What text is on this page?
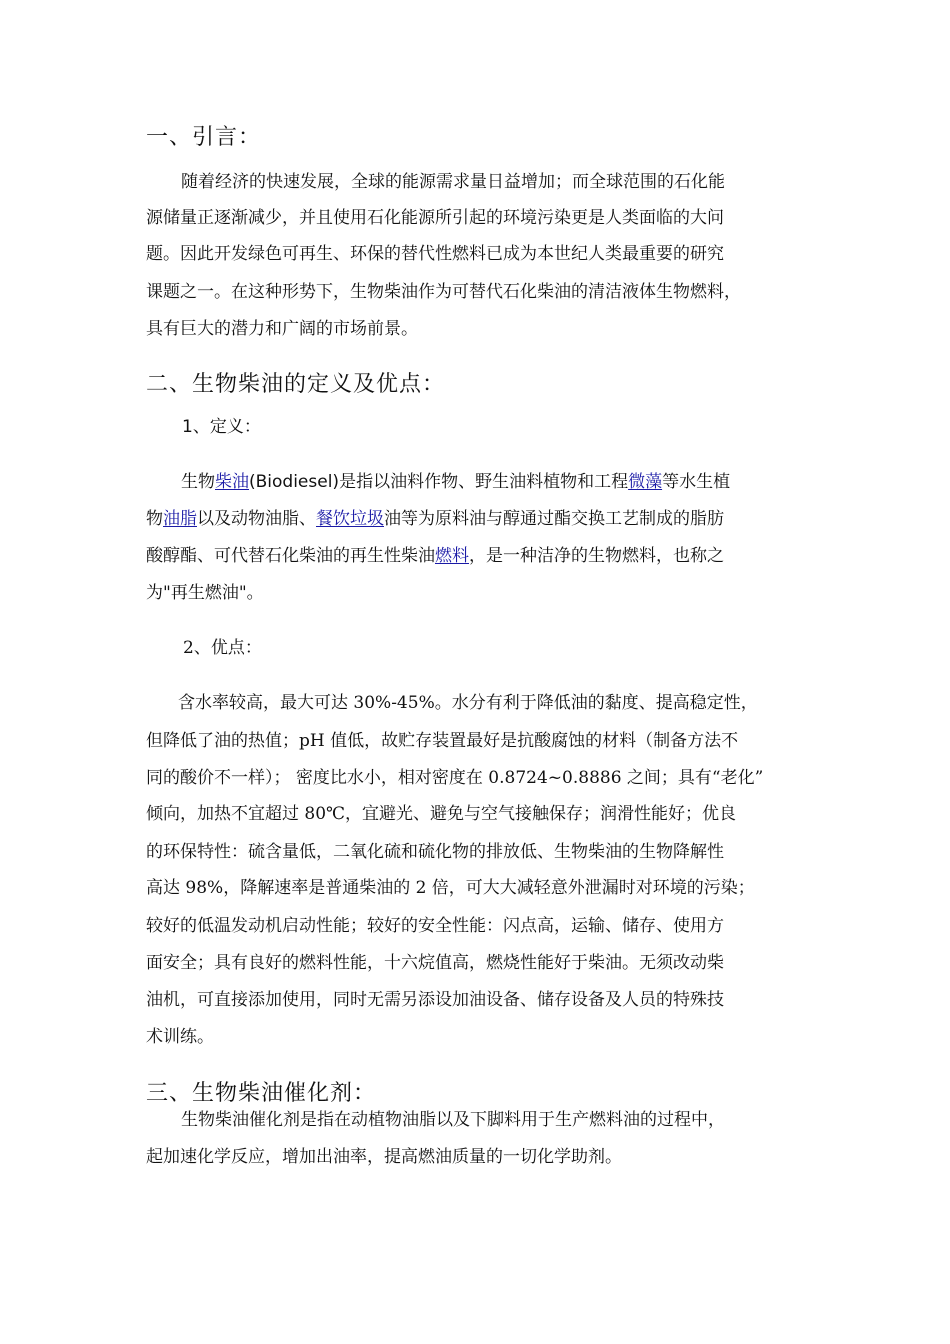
一、引言：
随着经济的快速发展，全球的能源需求量日益增加；而全球范围的石化能
源储量正逐渐减少，并且使用石化能源所引起的环境污染更是人类面临的大问
题。因此开发绿色可再生、环保的替代性燃料已成为本世纪人类最重要的研究
课题之一。在这种形势下，生物柴油作为可替代石化柴油的清洁液体生物燃料，
具有巨大的潜力和广阔的市场前景。
二、生物柴油的定义及优点：
1、定义：
生物柴油(Biodiesel)是指以油料作物、野生油料植物和工程微藻等水生植
物油脂以及动物油脂、餐饮垃圾油等为原料油与醇通过酯交换工艺制成的脂肪
酸醇酯、可代替石化柴油的再生性柴油燃料，是一种洁净的生物燃料，也称之
为"再生燃油"。
2、优点：
含水率较高，最大可达 30%-45%。水分有利于降低油的黏度、提高稳定性，
但降低了油的热值；pH 值低，故贮存装置最好是抗酸腐蚀的材料（制备方法不
同的酸价不一样）； 密度比水小，相对密度在 0.8724~0.8886 之间；具有“老化”
倾向，加热不宜超过 80℃，宜避光、避免与空气接触保存；润滑性能好；优良
的环保特性：硫含量低，二氧化硫和硫化物的排放低、生物柴油的生物降解性
高达 98%，降解速率是普通柴油的 2 倍，可大大减轻意外泄漏时对环境的污染；
较好的低温发动机启动性能；较好的安全性能：闪点高，运输、储存、使用方
面安全；具有良好的燃料性能，十六烷值高，燃烧性能好于柴油。无须改动柴
油机，可直接添加使用，同时无需另添设加油设备、储存设备及人员的特殊技
术训练。
三、生物柴油催化剂：
生物柴油催化剂是指在动植物油脂以及下脚料用于生产燃料油的过程中，
起加速化学反应，增加出油率，提高燃油质量的一切化学助剂。
